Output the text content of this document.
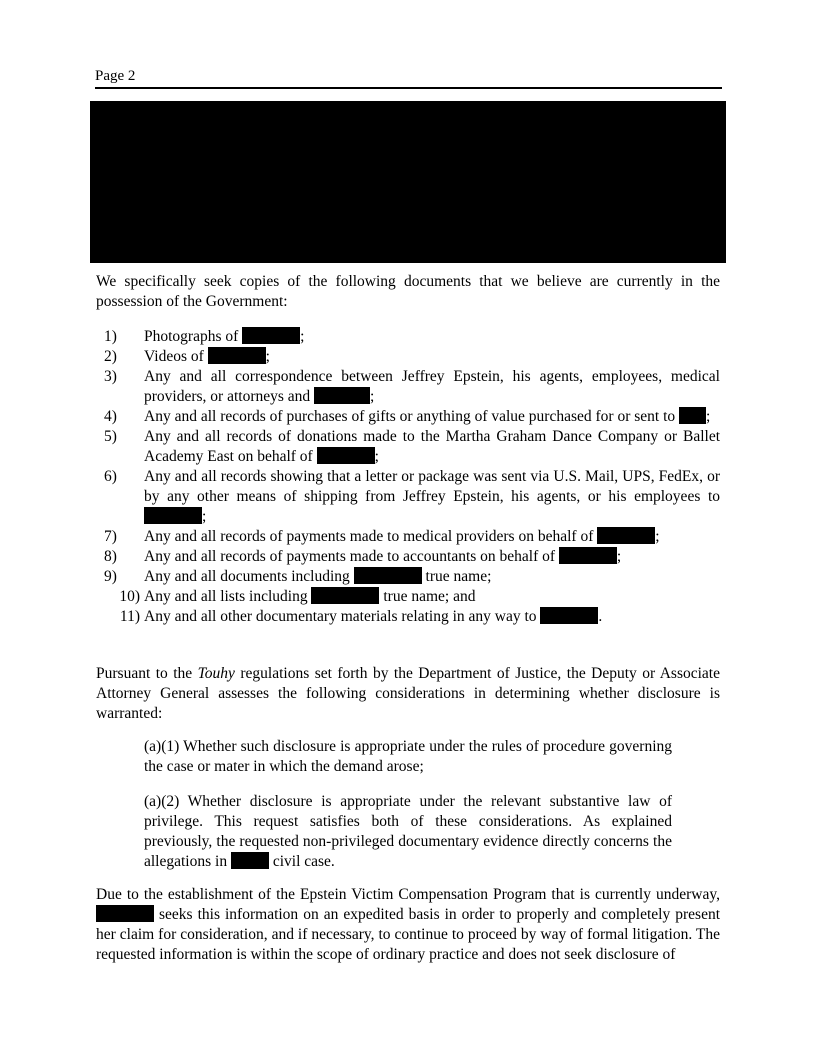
Page 2

We specifically seek copies of the following documents that we believe are currently in the possession of the Government:

1) Photographs of	;
2) Videos of	;
3) Any and all correspondence between Jeffrey Epstein, his agents, employees, medical providers, or attorneys and	;
4) Any and all records of purchases of gifts or anything of value purchased for or sent to ;
5) Any and all records of donations made to the Martha Graham Dance Company or Ballet Academy East on behalf of	;
6) Any and all records showing that a letter or package was sent via U.S. Mail, UPS, FedEx, or by any other means of shipping from Jeffrey Epstein, his agents, or his employees to ;
7) Any and all records of payments made to medical providers on behalf of	;
8) Any and all records of payments made to accountants on behalf of	;
9) Any and all documents including	true name;
10) Any and all lists including	true name; and
11) Any and all other documentary materials relating in any way to	.

Pursuant to the Touhy regulations set forth by the Department of Justice, the Deputy or Associate Attorney General assesses the following considerations in determining whether disclosure is warranted:

(a)(1) Whether such disclosure is appropriate under the rules of procedure governing the case or mater in which the demand arose;

(a)(2) Whether disclosure is appropriate under the relevant substantive law of privilege. This request satisfies both of these considerations. As explained previously, the requested non-privileged documentary evidence directly concerns the allegations in	civil case.

Due to the establishment of the Epstein Victim Compensation Program that is currently underway,  seeks this information on an expedited basis in order to properly and completely present her claim for consideration, and if necessary, to continue to proceed by way of formal litigation. The requested information is within the scope of ordinary practice and does not seek disclosure of
